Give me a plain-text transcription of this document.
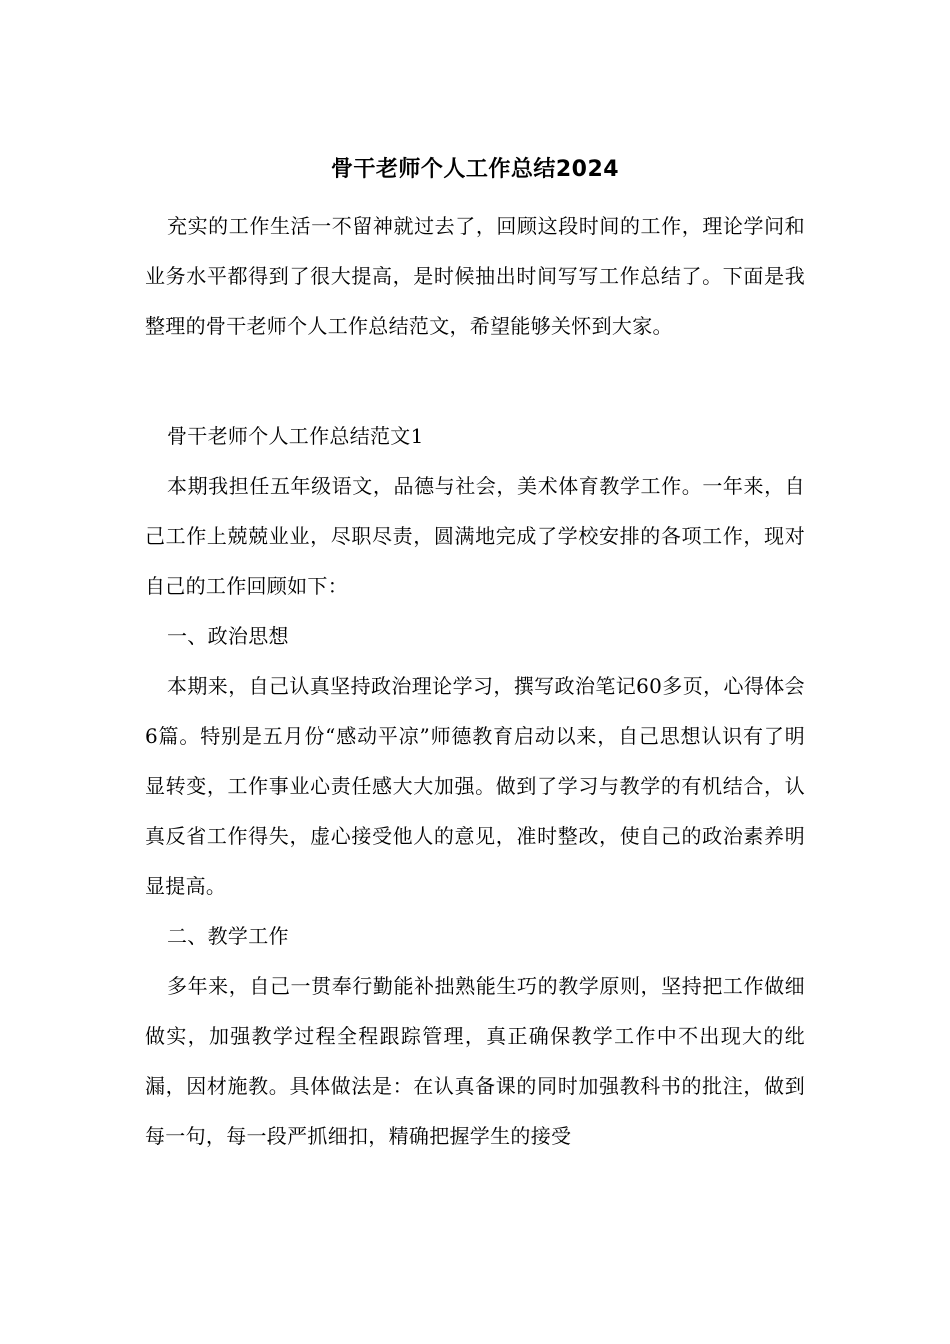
骨干老师个人工作总结2024

充实的工作生活一不留神就过去了，回顾这段时间的工作，理论学问和业务水平都得到了很大提高，是时候抽出时间写写工作总结了。下面是我整理的骨干老师个人工作总结范文，希望能够关怀到大家。

骨干老师个人工作总结范文1

本期我担任五年级语文，品德与社会，美术体育教学工作。一年来，自己工作上兢兢业业，尽职尽责，圆满地完成了学校安排的各项工作，现对自己的工作回顾如下：

一、政治思想

本期来，自己认真坚持政治理论学习，撰写政治笔记60多页，心得体会6篇。特别是五月份“感动平凉”师德教育启动以来，自己思想认识有了明显转变，工作事业心责任感大大加强。做到了学习与教学的有机结合，认真反省工作得失，虚心接受他人的意见，准时整改，使自己的政治素养明显提高。

二、教学工作

多年来，自己一贯奉行勤能补拙熟能生巧的教学原则，坚持把工作做细做实，加强教学过程全程跟踪管理，真正确保教学工作中不出现大的纰漏，因材施教。具体做法是：在认真备课的同时加强教科书的批注，做到每一句，每一段严抓细扣，精确把握学生的接受
